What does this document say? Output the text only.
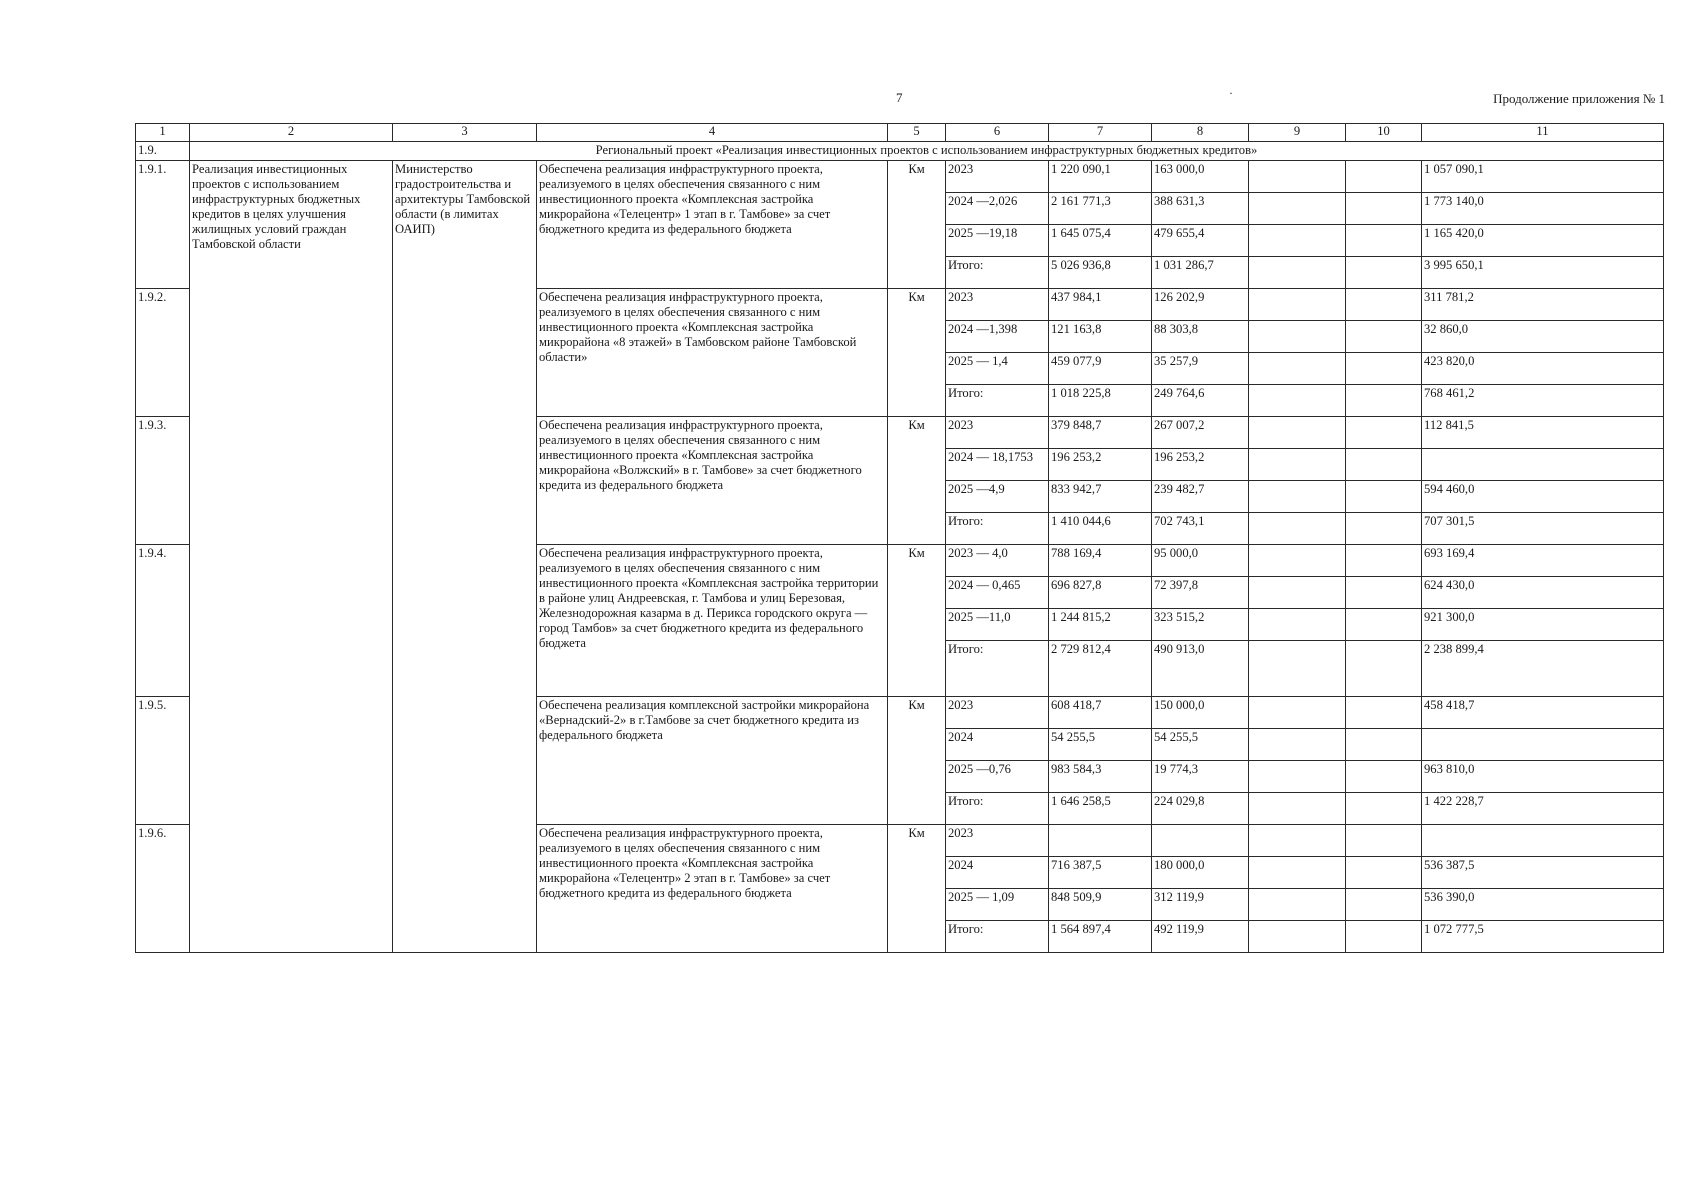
7	·	Продолжение приложения № 1
1	2	3	4	5	6	7	8	9	10	11
1.9.	Региональный проект «Реализация инвестиционных проектов с использованием инфраструктурных бюджетных кредитов»									
1.9.1.	Реализация инвестиционных проектов с использованием инфраструктурных бюджетных кредитов в целях улучшения жилищных условий граждан Тамбовской области	Министерство градостроительства и архитектуры Тамбовской области (в лимитах ОАИП)	Обеспечена реализация инфраструктурного проекта, реализуемого в целях обеспечения связанного с ним инвестиционного проекта «Комплексная застройка микрорайона «Телецентр» 1 этап в г. Тамбове» за счет бюджетного кредита из федерального бюджета	Км	2023	1 220 090,1	163 000,0			1 057 090,1
					2024 —2,026	2 161 771,3	388 631,3			1 773 140,0
					2025 —19,18	1 645 075,4	479 655,4			1 165 420,0
					Итого:	5 026 936,8	1 031 286,7			3 995 650,1
1.9.2.			Обеспечена реализация инфраструктурного проекта, реализуемого в целях обеспечения связанного с ним инвестиционного проекта «Комплексная застройка микрорайона «8 этажей» в Тамбовском районе Тамбовской области»	Км	2023	437 984,1	126 202,9			311 781,2
					2024 —1,398	121 163,8	88 303,8			32 860,0
					2025 — 1,4	459 077,9	35 257,9			423 820,0
					Итого:	1 018 225,8	249 764,6			768 461,2
1.9.3.			Обеспечена реализация инфраструктурного проекта, реализуемого в целях обеспечения связанного с ним инвестиционного проекта «Комплексная застройка микрорайона «Волжский» в г. Тамбове» за счет бюджетного кредита из федерального бюджета	Км	2023	379 848,7	267 007,2			112 841,5
					2024 — 18,1753	196 253,2	196 253,2			
					2025 —4,9	833 942,7	239 482,7			594 460,0
					Итого:	1 410 044,6	702 743,1			707 301,5
1.9.4.			Обеспечена реализация инфраструктурного проекта, реализуемого в целях обеспечения связанного с ним инвестиционного проекта «Комплексная застройка территории в районе улиц Андреевская, г. Тамбова и улиц Березовая, Железнодорожная казарма в д. Перикса городского округа — город Тамбов» за счет бюджетного кредита из федерального бюджета	Км	2023 — 4,0	788 169,4	95 000,0			693 169,4
					2024 — 0,465	696 827,8	72 397,8			624 430,0
					2025 —11,0	1 244 815,2	323 515,2			921 300,0
					Итого:	2 729 812,4	490 913,0			2 238 899,4
1.9.5.			Обеспечена реализация комплексной застройки микрорайона «Вернадский-2» в г.Тамбове за счет бюджетного кредита из федерального бюджета	Км	2023	608 418,7	150 000,0			458 418,7
					2024	54 255,5	54 255,5			
					2025 —0,76	983 584,3	19 774,3			963 810,0
					Итого:	1 646 258,5	224 029,8			1 422 228,7
1.9.6.			Обеспечена реализация инфраструктурного проекта, реализуемого в целях обеспечения связанного с ним инвестиционного проекта «Комплексная застройка микрорайона «Телецентр» 2 этап в г. Тамбове» за счет бюджетного кредита из федерального бюджета	Км	2023					
					2024	716 387,5	180 000,0			536 387,5
					2025 — 1,09	848 509,9	312 119,9			536 390,0
					Итого:	1 564 897,4	492 119,9			1 072 777,5
